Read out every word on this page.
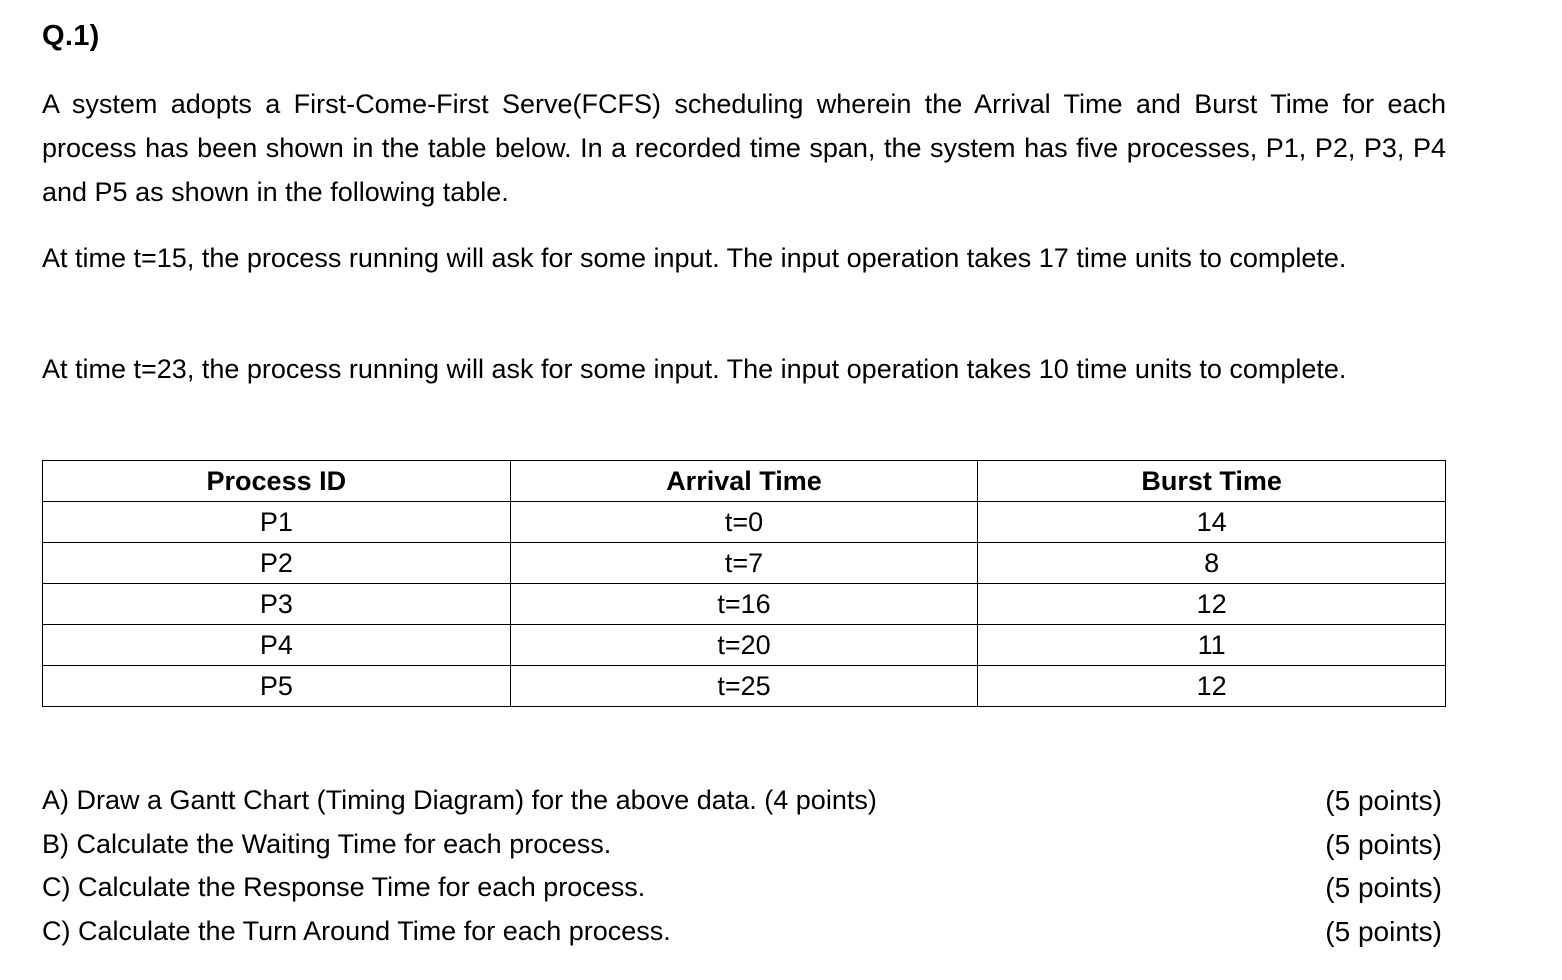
Q.1)
A system adopts a First-Come-First Serve(FCFS) scheduling wherein the Arrival Time and Burst Time for each process has been shown in the table below. In a recorded time span, the system has five processes, P1, P2, P3, P4 and P5 as shown in the following table.
At time t=15, the process running will ask for some input. The input operation takes 17 time units to complete.
At time t=23, the process running will ask for some input. The input operation takes 10 time units to complete.
Process ID	Arrival Time	Burst Time
P1	t=0	14
P2	t=7	8
P3	t=16	12
P4	t=20	11
P5	t=25	12
A) Draw a Gantt Chart (Timing Diagram) for the above data. (4 points)	(5 points)
B) Calculate the Waiting Time for each process.	(5 points)
C) Calculate the Response Time for each process.	(5 points)
C) Calculate the Turn Around Time for each process.	(5 points)
